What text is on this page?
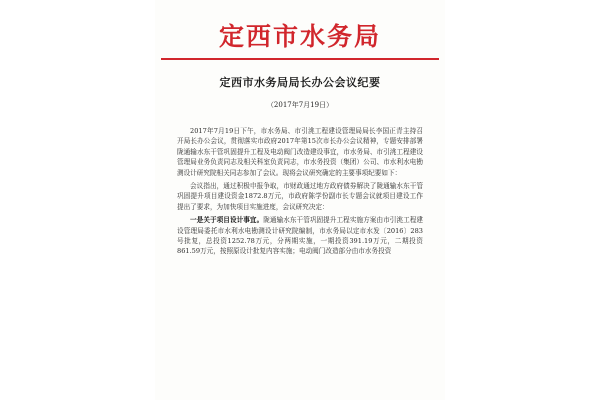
定西市水务局
定西市水务局局长办公会议纪要
（2017年7月19日）

2017年7月19日下午，市水务局、市引洮工程建设管理局局长李国正青主持召开局长办公会议，贯彻落实市政府2017年第15次市长办公会议精神，专题安排部署陇通输水东干管巩固提升工程及电动阀门改造建设事宜，市水务局、市引洮工程建设管理局业务负责同志及相关科室负责同志，市水务投资（集团）公司、市水利水电勘测设计研究院相关同志参加了会议。现将会议研究确定的主要事项纪要如下：

会议指出，通过积极申报争取，市财政通过地方政府债券解决了陇通输水东干管巩固提升项目建设资金1872.8万元，市政府陈学份副市长专题会议就项目建设工作提出了要求，为加快项目实施进度，会议研究决定：

一是关于项目设计事宜。陇通输水东干管巩固提升工程实施方案由市引洮工程建设管理局委托市水利水电勘测设计研究院编制，市水务局以定市水发〔2016〕283号批复，总投资1252.78万元，分两期实施，一期投资391.19万元，二期投资861.59万元，按照原设计批复内容实施；电动阀门改造部分由市水务投资
